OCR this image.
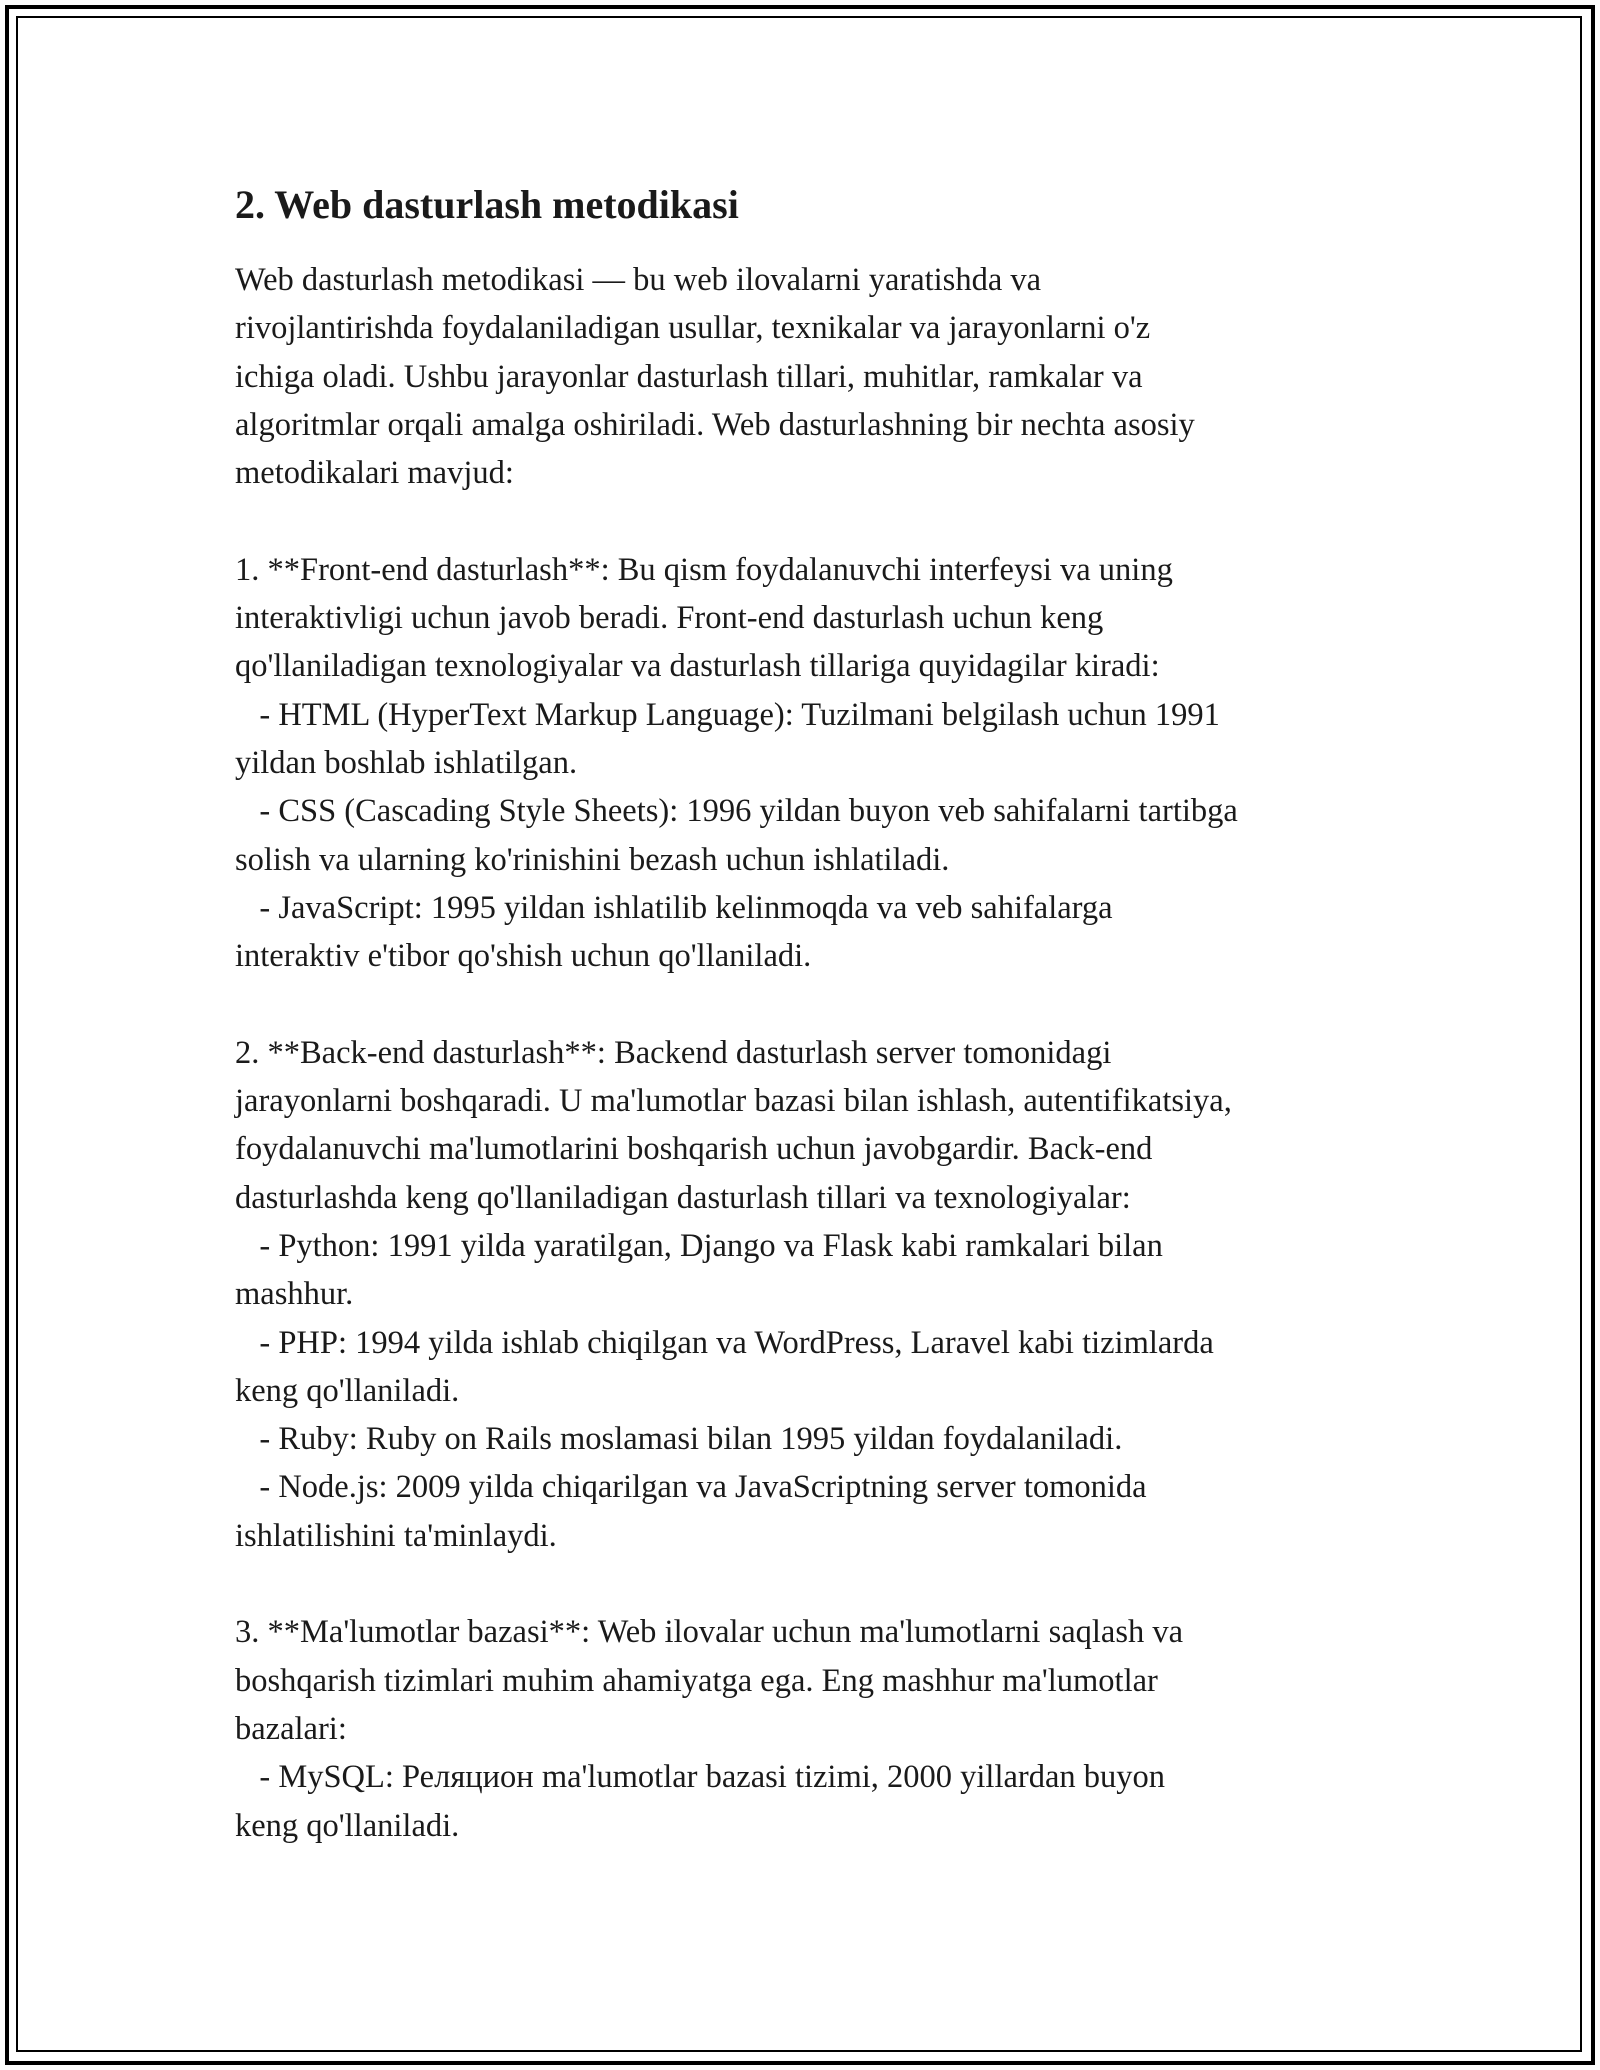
2. Web dasturlash metodikasi

Web dasturlash metodikasi — bu web ilovalarni yaratishda va
rivojlantirishda foydalaniladigan usullar, texnikalar va jarayonlarni o'z
ichiga oladi. Ushbu jarayonlar dasturlash tillari, muhitlar, ramkalar va
algoritmlar orqali amalga oshiriladi. Web dasturlashning bir nechta asosiy
metodikalari mavjud:

1. **Front-end dasturlash**: Bu qism foydalanuvchi interfeysi va uning
interaktivligi uchun javob beradi. Front-end dasturlash uchun keng
qo'llaniladigan texnologiyalar va dasturlash tillariga quyidagilar kiradi:
- HTML (HyperText Markup Language): Tuzilmani belgilash uchun 1991
yildan boshlab ishlatilgan.
- CSS (Cascading Style Sheets): 1996 yildan buyon veb sahifalarni tartibga
solish va ularning ko'rinishini bezash uchun ishlatiladi.
- JavaScript: 1995 yildan ishlatilib kelinmoqda va veb sahifalarga
interaktiv e'tibor qo'shish uchun qo'llaniladi.

2. **Back-end dasturlash**: Backend dasturlash server tomonidagi
jarayonlarni boshqaradi. U ma'lumotlar bazasi bilan ishlash, autentifikatsiya,
foydalanuvchi ma'lumotlarini boshqarish uchun javobgardir. Back-end
dasturlashda keng qo'llaniladigan dasturlash tillari va texnologiyalar:
- Python: 1991 yilda yaratilgan, Django va Flask kabi ramkalari bilan
mashhur.
- PHP: 1994 yilda ishlab chiqilgan va WordPress, Laravel kabi tizimlarda
keng qo'llaniladi.
- Ruby: Ruby on Rails moslamasi bilan 1995 yildan foydalaniladi.
- Node.js: 2009 yilda chiqarilgan va JavaScriptning server tomonida
ishlatilishini ta'minlaydi.

3. **Ma'lumotlar bazasi**: Web ilovalar uchun ma'lumotlarni saqlash va
boshqarish tizimlari muhim ahamiyatga ega. Eng mashhur ma'lumotlar
bazalari:
- MySQL: Реляцион ma'lumotlar bazasi tizimi, 2000 yillardan buyon
keng qo'llaniladi.
